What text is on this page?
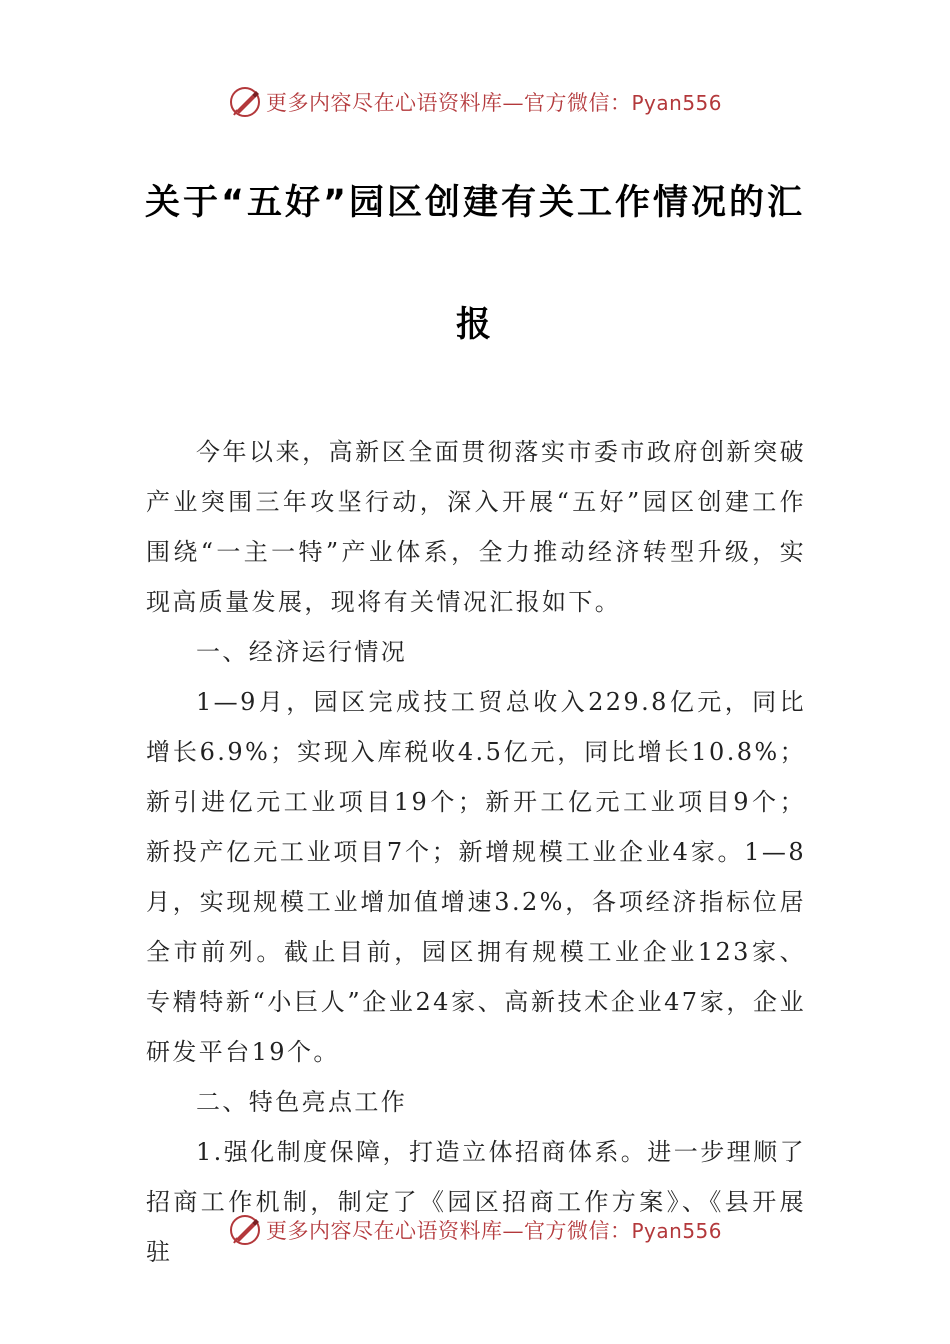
更多内容尽在心语资料库—官方微信：Pyan556
关于“五好”园区创建有关工作情况的汇
报

今年以来，高新区全面贯彻落实市委市政府创新突破产业突围三年攻坚行动，深入开展“五好”园区创建工作围绕“一主一特”产业体系，全力推动经济转型升级，实现高质量发展，现将有关情况汇报如下。

一、经济运行情况

1—9月，园区完成技工贸总收入229.8亿元，同比增长6.9%；实现入库税收4.5亿元，同比增长10.8%；新引进亿元工业项目19个；新开工亿元工业项目9个；新投产亿元工业项目7个；新增规模工业企业4家。1—8月，实现规模工业增加值增速3.2%，各项经济指标位居全市前列。截止目前，园区拥有规模工业企业123家、专精特新“小巨人”企业24家、高新技术企业47家，企业研发平台19个。

二、特色亮点工作

1.强化制度保障，打造立体招商体系。进一步理顺了招商工作机制，制定了《园区招商工作方案》、《县开展驻

更多内容尽在心语资料库—官方微信：Pyan556
